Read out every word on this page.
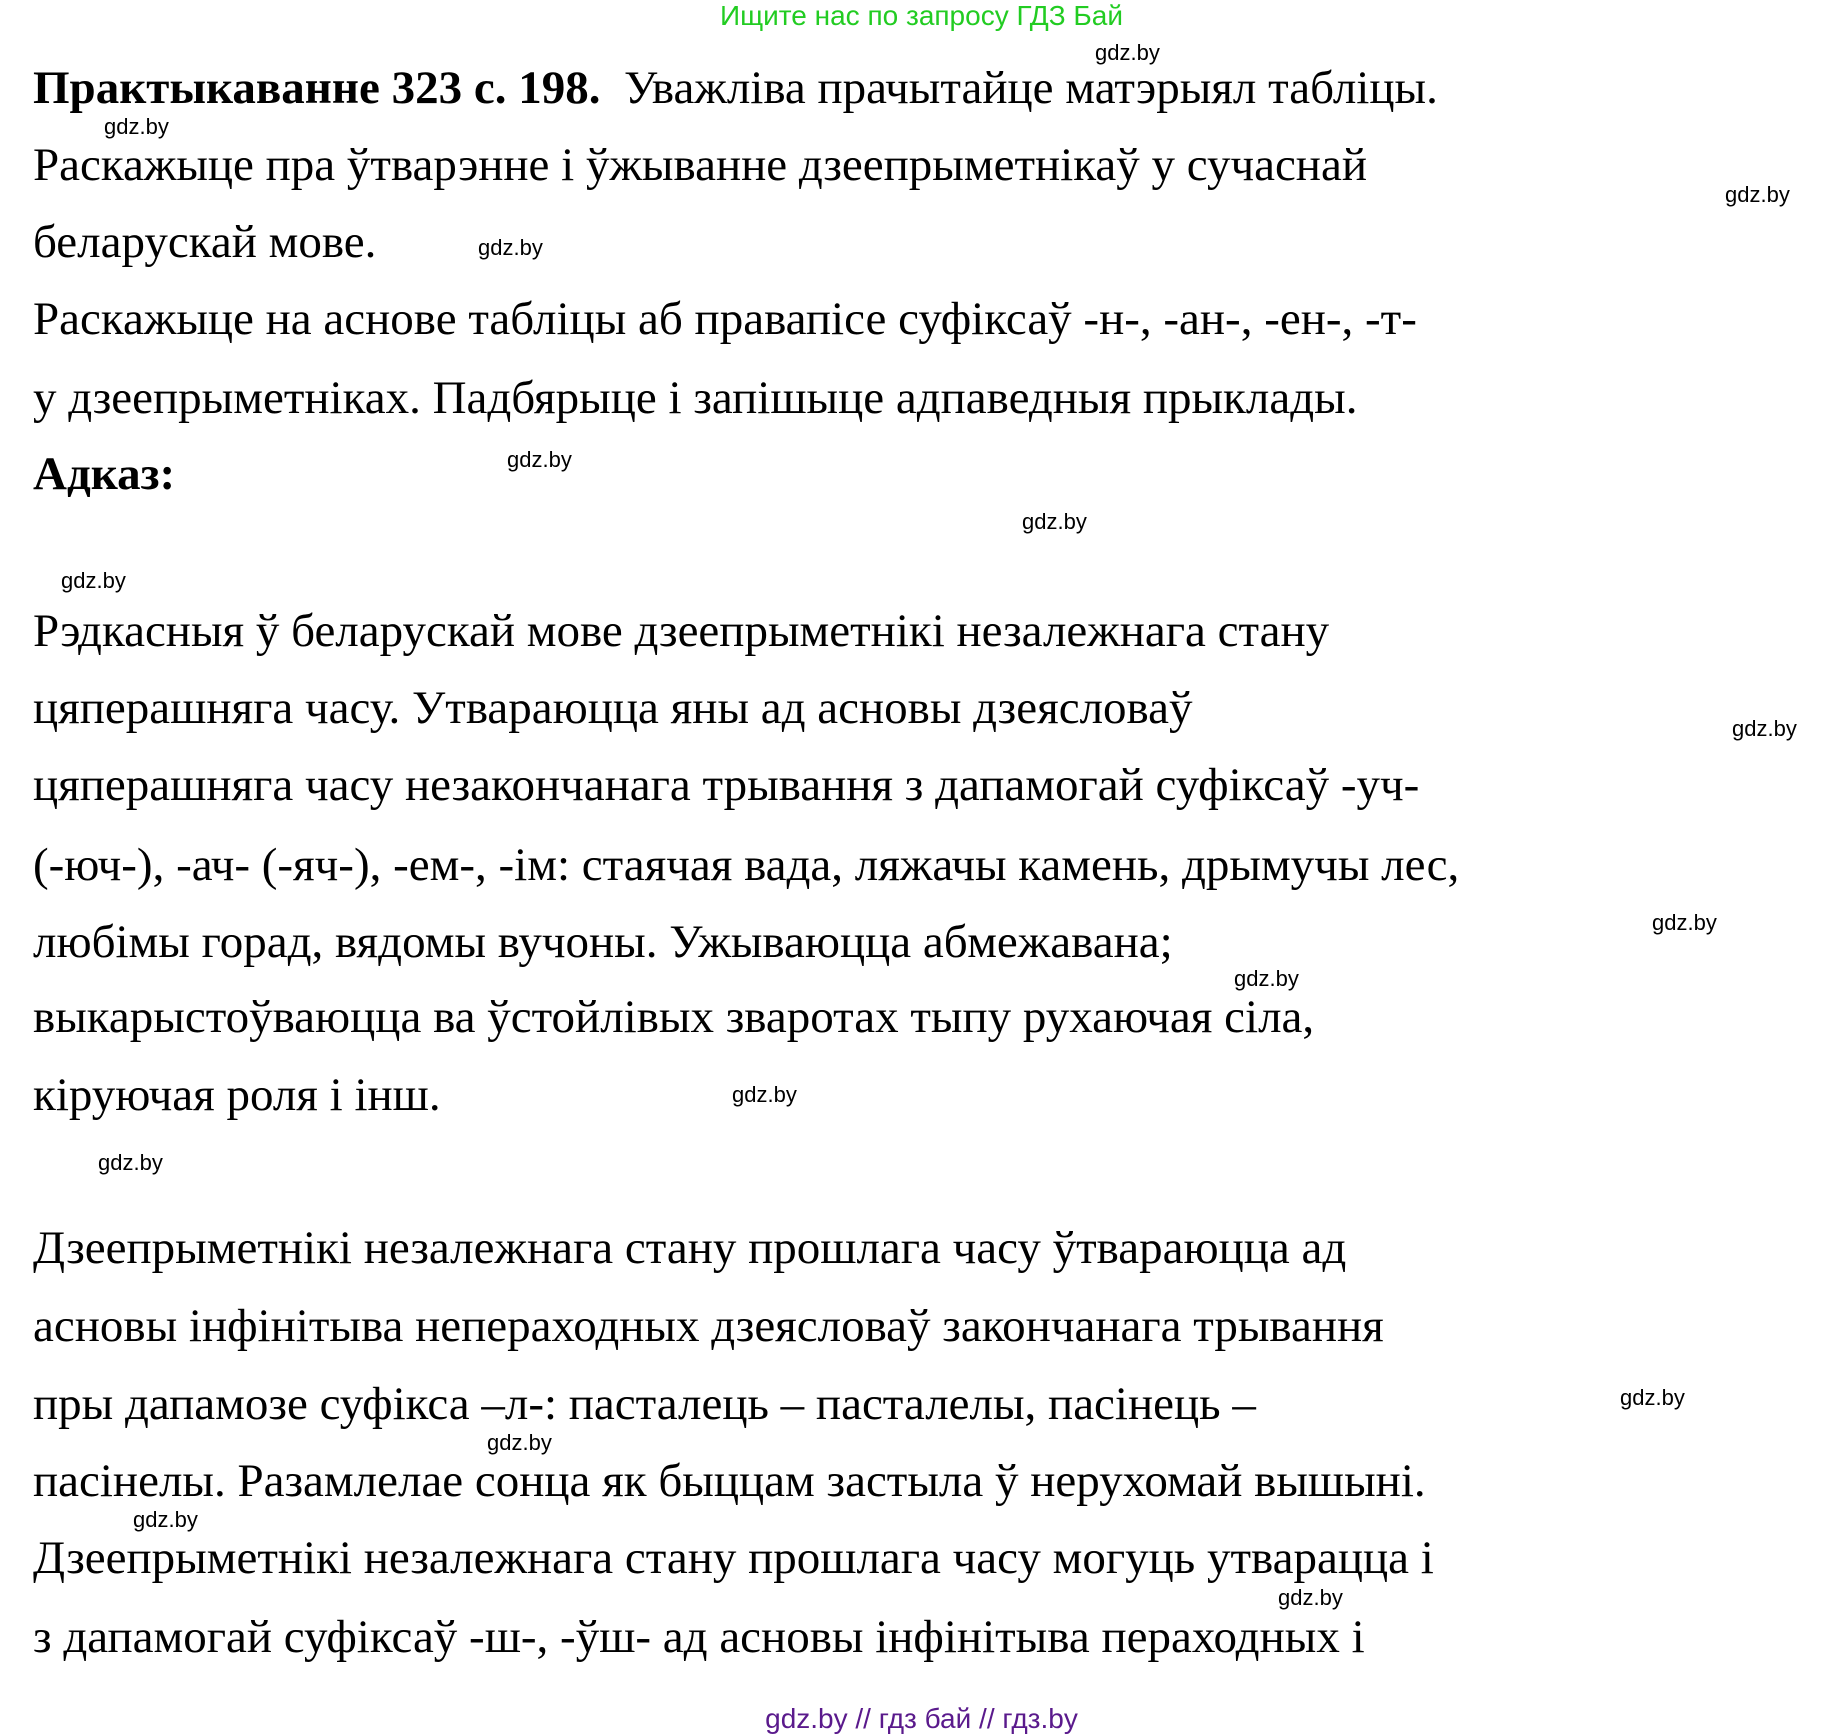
Ищите нас по запросу ГДЗ Бай
Практыкаванне 323 с. 198. Уважліва прачытайце матэрыял табліцы.
Раскажыце пра ўтварэнне і ўжыванне дзеепрыметнікаў у сучаснай
беларускай мове.
Раскажыце на аснове табліцы аб правапісе суфіксаў -н-, -ан-, -ен-, -т-
у дзеепрыметніках. Падбярыце і запішыце адпаведныя прыклады.
Адказ:
Рэдкасныя ў беларускай мове дзеепрыметнікі незалежнага стану
цяперашняга часу. Утвараюцца яны ад асновы дзеясловаў
цяперашняга часу незакончанага трывання з дапамогай суфіксаў -уч-
(-юч-), -ач- (-яч-), -ем-, -ім: стаячая вада, ляжачы камень, дрымучы лес,
любімы горад, вядомы вучоны. Ужываюцца абмежавана;
выкарыстоўваюцца ва ўстойлівых зваротах тыпу рухаючая сіла,
кіруючая роля і інш.
Дзеепрыметнікі незалежнага стану прошлага часу ўтвараюцца ад
асновы інфінітыва непераходных дзеясловаў закончанага трывання
пры дапамозе суфікса –л-: пасталець – пасталелы, пасінець –
пасінелы. Разамлелае сонца як быццам застыла ў нерухомай вышыні.
Дзеепрыметнікі незалежнага стану прошлага часу могуць утварацца і
з дапамогай суфіксаў -ш-, -ўш- ад асновы інфінітыва пераходных і
gdz.by
gdz.by
gdz.by
gdz.by
gdz.by
gdz.by
gdz.by
gdz.by
gdz.by
gdz.by
gdz.by
gdz.by
gdz.by
gdz.by
gdz.by
gdz.by
gdz.by // гдз бай // гдз.by
